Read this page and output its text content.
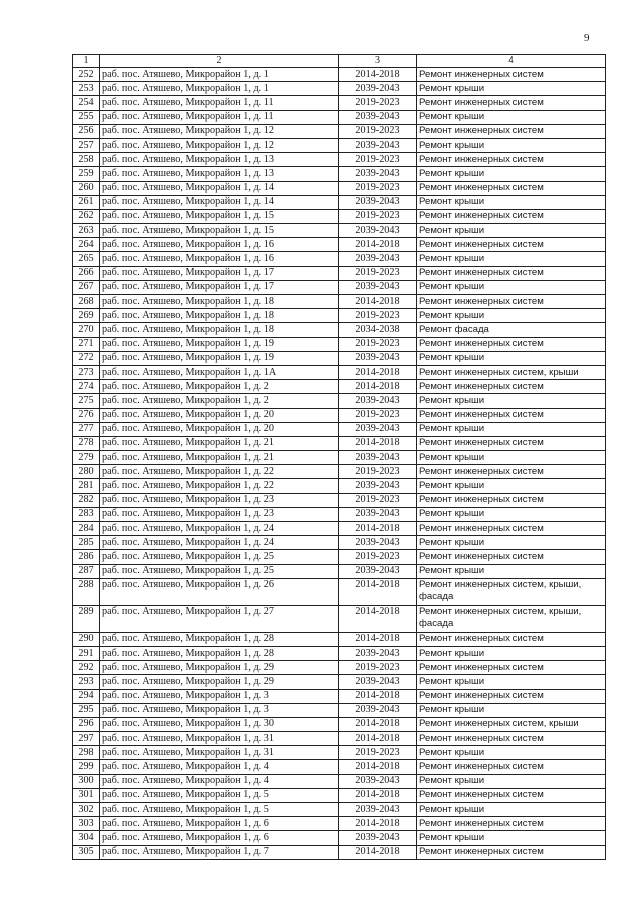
9
1	2	3	4
252	раб. пос. Атяшево, Микрорайон 1, д. 1	2014-2018	Ремонт инженерных систем
253	раб. пос. Атяшево, Микрорайон 1, д. 1	2039-2043	Ремонт крыши
254	раб. пос. Атяшево, Микрорайон 1, д. 11	2019-2023	Ремонт инженерных систем
255	раб. пос. Атяшево, Микрорайон 1, д. 11	2039-2043	Ремонт крыши
256	раб. пос. Атяшево, Микрорайон 1, д. 12	2019-2023	Ремонт инженерных систем
257	раб. пос. Атяшево, Микрорайон 1, д. 12	2039-2043	Ремонт крыши
258	раб. пос. Атяшево, Микрорайон 1, д. 13	2019-2023	Ремонт инженерных систем
259	раб. пос. Атяшево, Микрорайон 1, д. 13	2039-2043	Ремонт крыши
260	раб. пос. Атяшево, Микрорайон 1, д. 14	2019-2023	Ремонт инженерных систем
261	раб. пос. Атяшево, Микрорайон 1, д. 14	2039-2043	Ремонт крыши
262	раб. пос. Атяшево, Микрорайон 1, д. 15	2019-2023	Ремонт инженерных систем
263	раб. пос. Атяшево, Микрорайон 1, д. 15	2039-2043	Ремонт крыши
264	раб. пос. Атяшево, Микрорайон 1, д. 16	2014-2018	Ремонт инженерных систем
265	раб. пос. Атяшево, Микрорайон 1, д. 16	2039-2043	Ремонт крыши
266	раб. пос. Атяшево, Микрорайон 1, д. 17	2019-2023	Ремонт инженерных систем
267	раб. пос. Атяшево, Микрорайон 1, д. 17	2039-2043	Ремонт крыши
268	раб. пос. Атяшево, Микрорайон 1, д. 18	2014-2018	Ремонт инженерных систем
269	раб. пос. Атяшево, Микрорайон 1, д. 18	2019-2023	Ремонт крыши
270	раб. пос. Атяшево, Микрорайон 1, д. 18	2034-2038	Ремонт фасада
271	раб. пос. Атяшево, Микрорайон 1, д. 19	2019-2023	Ремонт инженерных систем
272	раб. пос. Атяшево, Микрорайон 1, д. 19	2039-2043	Ремонт крыши
273	раб. пос. Атяшево, Микрорайон 1, д. 1А	2014-2018	Ремонт инженерных систем, крыши
274	раб. пос. Атяшево, Микрорайон 1, д. 2	2014-2018	Ремонт инженерных систем
275	раб. пос. Атяшево, Микрорайон 1, д. 2	2039-2043	Ремонт крыши
276	раб. пос. Атяшево, Микрорайон 1, д. 20	2019-2023	Ремонт инженерных систем
277	раб. пос. Атяшево, Микрорайон 1, д. 20	2039-2043	Ремонт крыши
278	раб. пос. Атяшево, Микрорайон 1, д. 21	2014-2018	Ремонт инженерных систем
279	раб. пос. Атяшево, Микрорайон 1, д. 21	2039-2043	Ремонт крыши
280	раб. пос. Атяшево, Микрорайон 1, д. 22	2019-2023	Ремонт инженерных систем
281	раб. пос. Атяшево, Микрорайон 1, д. 22	2039-2043	Ремонт крыши
282	раб. пос. Атяшево, Микрорайон 1, д. 23	2019-2023	Ремонт инженерных систем
283	раб. пос. Атяшево, Микрорайон 1, д. 23	2039-2043	Ремонт крыши
284	раб. пос. Атяшево, Микрорайон 1, д. 24	2014-2018	Ремонт инженерных систем
285	раб. пос. Атяшево, Микрорайон 1, д. 24	2039-2043	Ремонт крыши
286	раб. пос. Атяшево, Микрорайон 1, д. 25	2019-2023	Ремонт инженерных систем
287	раб. пос. Атяшево, Микрорайон 1, д. 25	2039-2043	Ремонт крыши
288	раб. пос. Атяшево, Микрорайон 1, д. 26	2014-2018	Ремонт инженерных систем, крыши, фасада
289	раб. пос. Атяшево, Микрорайон 1, д. 27	2014-2018	Ремонт инженерных систем, крыши, фасада
290	раб. пос. Атяшево, Микрорайон 1, д. 28	2014-2018	Ремонт инженерных систем
291	раб. пос. Атяшево, Микрорайон 1, д. 28	2039-2043	Ремонт крыши
292	раб. пос. Атяшево, Микрорайон 1, д. 29	2019-2023	Ремонт инженерных систем
293	раб. пос. Атяшево, Микрорайон 1, д. 29	2039-2043	Ремонт крыши
294	раб. пос. Атяшево, Микрорайон 1, д. 3	2014-2018	Ремонт инженерных систем
295	раб. пос. Атяшево, Микрорайон 1, д. 3	2039-2043	Ремонт крыши
296	раб. пос. Атяшево, Микрорайон 1, д. 30	2014-2018	Ремонт инженерных систем, крыши
297	раб. пос. Атяшево, Микрорайон 1, д. 31	2014-2018	Ремонт инженерных систем
298	раб. пос. Атяшево, Микрорайон 1, д. 31	2019-2023	Ремонт крыши
299	раб. пос. Атяшево, Микрорайон 1, д. 4	2014-2018	Ремонт инженерных систем
300	раб. пос. Атяшево, Микрорайон 1, д. 4	2039-2043	Ремонт крыши
301	раб. пос. Атяшево, Микрорайон 1, д. 5	2014-2018	Ремонт инженерных систем
302	раб. пос. Атяшево, Микрорайон 1, д. 5	2039-2043	Ремонт крыши
303	раб. пос. Атяшево, Микрорайон 1, д. 6	2014-2018	Ремонт инженерных систем
304	раб. пос. Атяшево, Микрорайон 1, д. 6	2039-2043	Ремонт крыши
305	раб. пос. Атяшево, Микрорайон 1, д. 7	2014-2018	Ремонт инженерных систем
